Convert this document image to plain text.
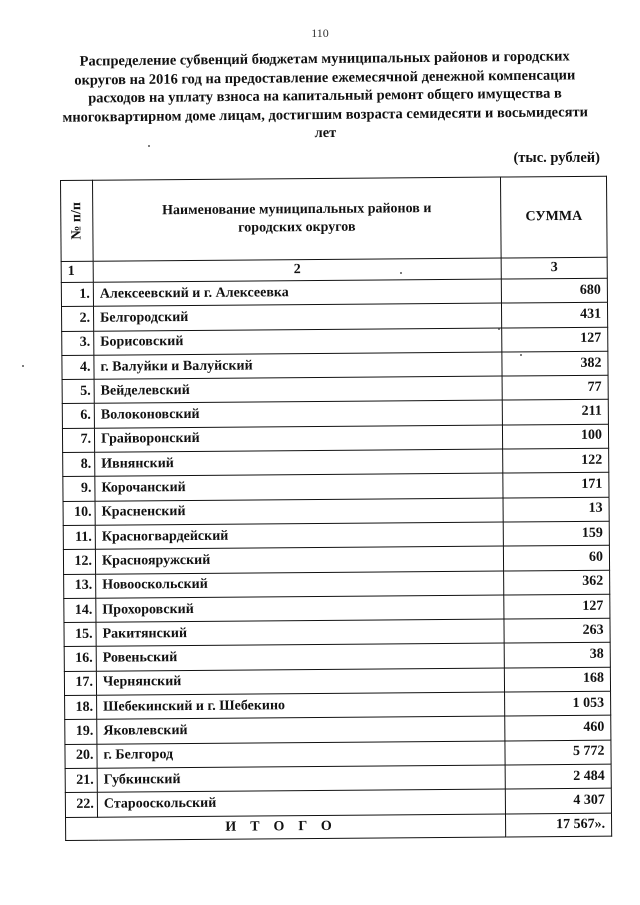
110
Распределение субвенций бюджетам муниципальных районов и городских округов на 2016 год на предоставление ежемесячной денежной компенсации расходов на уплату взноса на капитальный ремонт общего имущества в многоквартирном доме лицам, достигшим возраста семидесяти и восьмидесяти лет
(тыс. рублей)
№ п/п	Наименование муниципальных районов и городских округов	СУММА
1	2	3
1.	Алексеевский и г. Алексеевка	680
2.	Белгородский	431
3.	Борисовский	127
4.	г. Валуйки и Валуйский	382
5.	Вейделевский	77
6.	Волоконовский	211
7.	Грайворонский	100
8.	Ивнянский	122
9.	Корочанский	171
10.	Красненский	13
11.	Красногвардейский	159
12.	Краснояружский	60
13.	Новооскольский	362
14.	Прохоровский	127
15.	Ракитянский	263
16.	Ровеньский	38
17.	Чернянский	168
18.	Шебекинский и г. Шебекино	1 053
19.	Яковлевский	460
20.	г. Белгород	5 772
21.	Губкинский	2 484
22.	Старооскольский	4 307
ИТОГО		17 567».
